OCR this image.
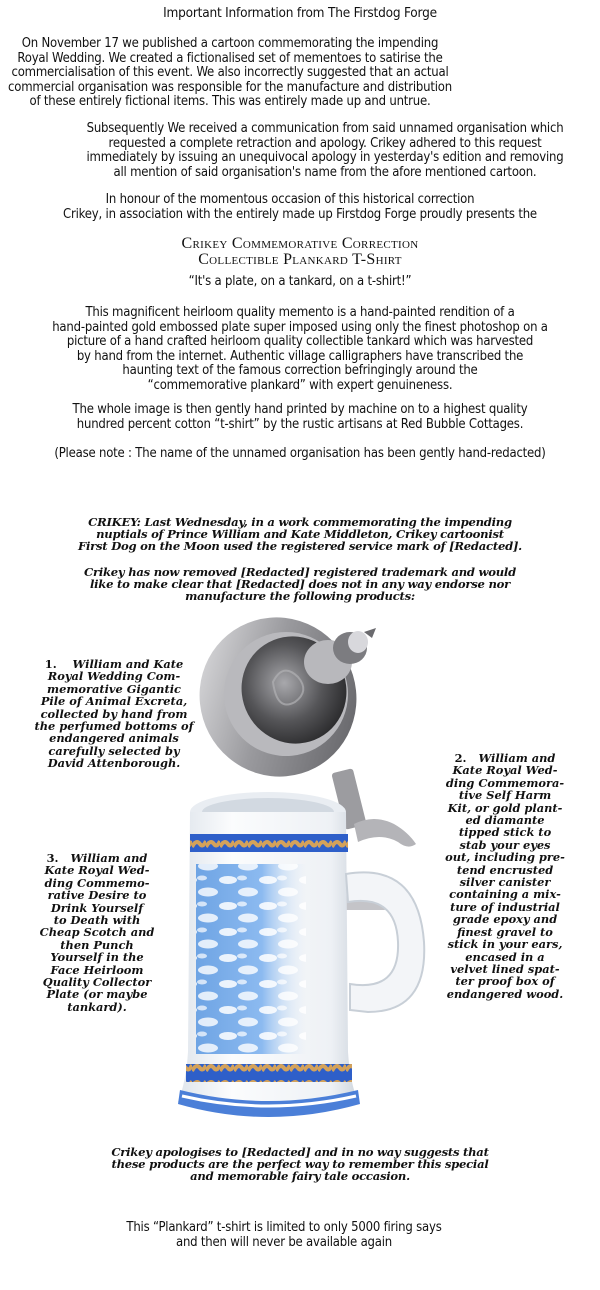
Important Information from The Firstdog Forge
On November 17 we published a cartoon commemorating the impending
Royal Wedding. We created a fictionalised set of mementoes to satirise the
commercialisation of this event. We also incorrectly suggested that an actual
commercial organisation was responsible for the manufacture and distribution
of these entirely fictional items. This was entirely made up and untrue.
Subsequently We received a communication from said unnamed organisation which
requested a complete retraction and apology. Crikey adhered to this request
immediately by issuing an unequivocal apology in yesterday's edition and removing
all mention of said organisation's name from the afore mentioned cartoon.
In honour of the momentous occasion of this historical correction
Crikey, in association with the entirely made up Firstdog Forge proudly presents the
Crikey Commemorative Correction
Collectible Plankard T-Shirt
“It's a plate, on a tankard, on a t-shirt!”
This magnificent heirloom quality memento is a hand-painted rendition of a
hand-painted gold embossed plate super imposed using only the finest photoshop on a
picture of a hand crafted heirloom quality collectible tankard which was harvested
by hand from the internet. Authentic village calligraphers have transcribed the
haunting text of the famous correction befringingly around the
“commemorative plankard” with expert genuineness.
The whole image is then gently hand printed by machine on to a highest quality
hundred percent cotton “t-shirt” by the rustic artisans at Red Bubble Cottages.
(Please note : The name of the unnamed organisation has been gently hand-redacted)
CRIKEY: Last Wednesday, in a work commemorating the impending
nuptials of Prince William and Kate Middleton, Crikey cartoonist
First Dog on the Moon used the registered service mark of [Redacted].
Crikey has now removed [Redacted] registered trademark and would
like to make clear that [Redacted] does not in any way endorse nor
manufacture the following products:
1. William and Kate
Royal Wedding Com-
memorative Gigantic
Pile of Animal Excreta,
collected by hand from
the perfumed bottoms of
endangered animals
carefully selected by
David Attenborough.	2. William and
Kate Royal Wed-
ding Commemora-
tive Self Harm
Kit, or gold plant-
ed diamante
tipped stick to
stab your eyes
out, including pre-
tend encrusted
silver canister
containing a mix-
ture of industrial
grade epoxy and
finest gravel to
stick in your ears,
encased in a
velvet lined spat-
ter proof box of
endangered wood.
3. William and
Kate Royal Wed-
ding Commemo-
rative Desire to
Drink Yourself
to Death with
Cheap Scotch and
then Punch
Yourself in the
Face Heirloom
Quality Collector
Plate (or maybe
tankard).
Crikey apologises to [Redacted] and in no way suggests that
these products are the perfect way to remember this special
and memorable fairy tale occasion.
This “Plankard” t-shirt is limited to only 5000 firing says
and then will never be available again
